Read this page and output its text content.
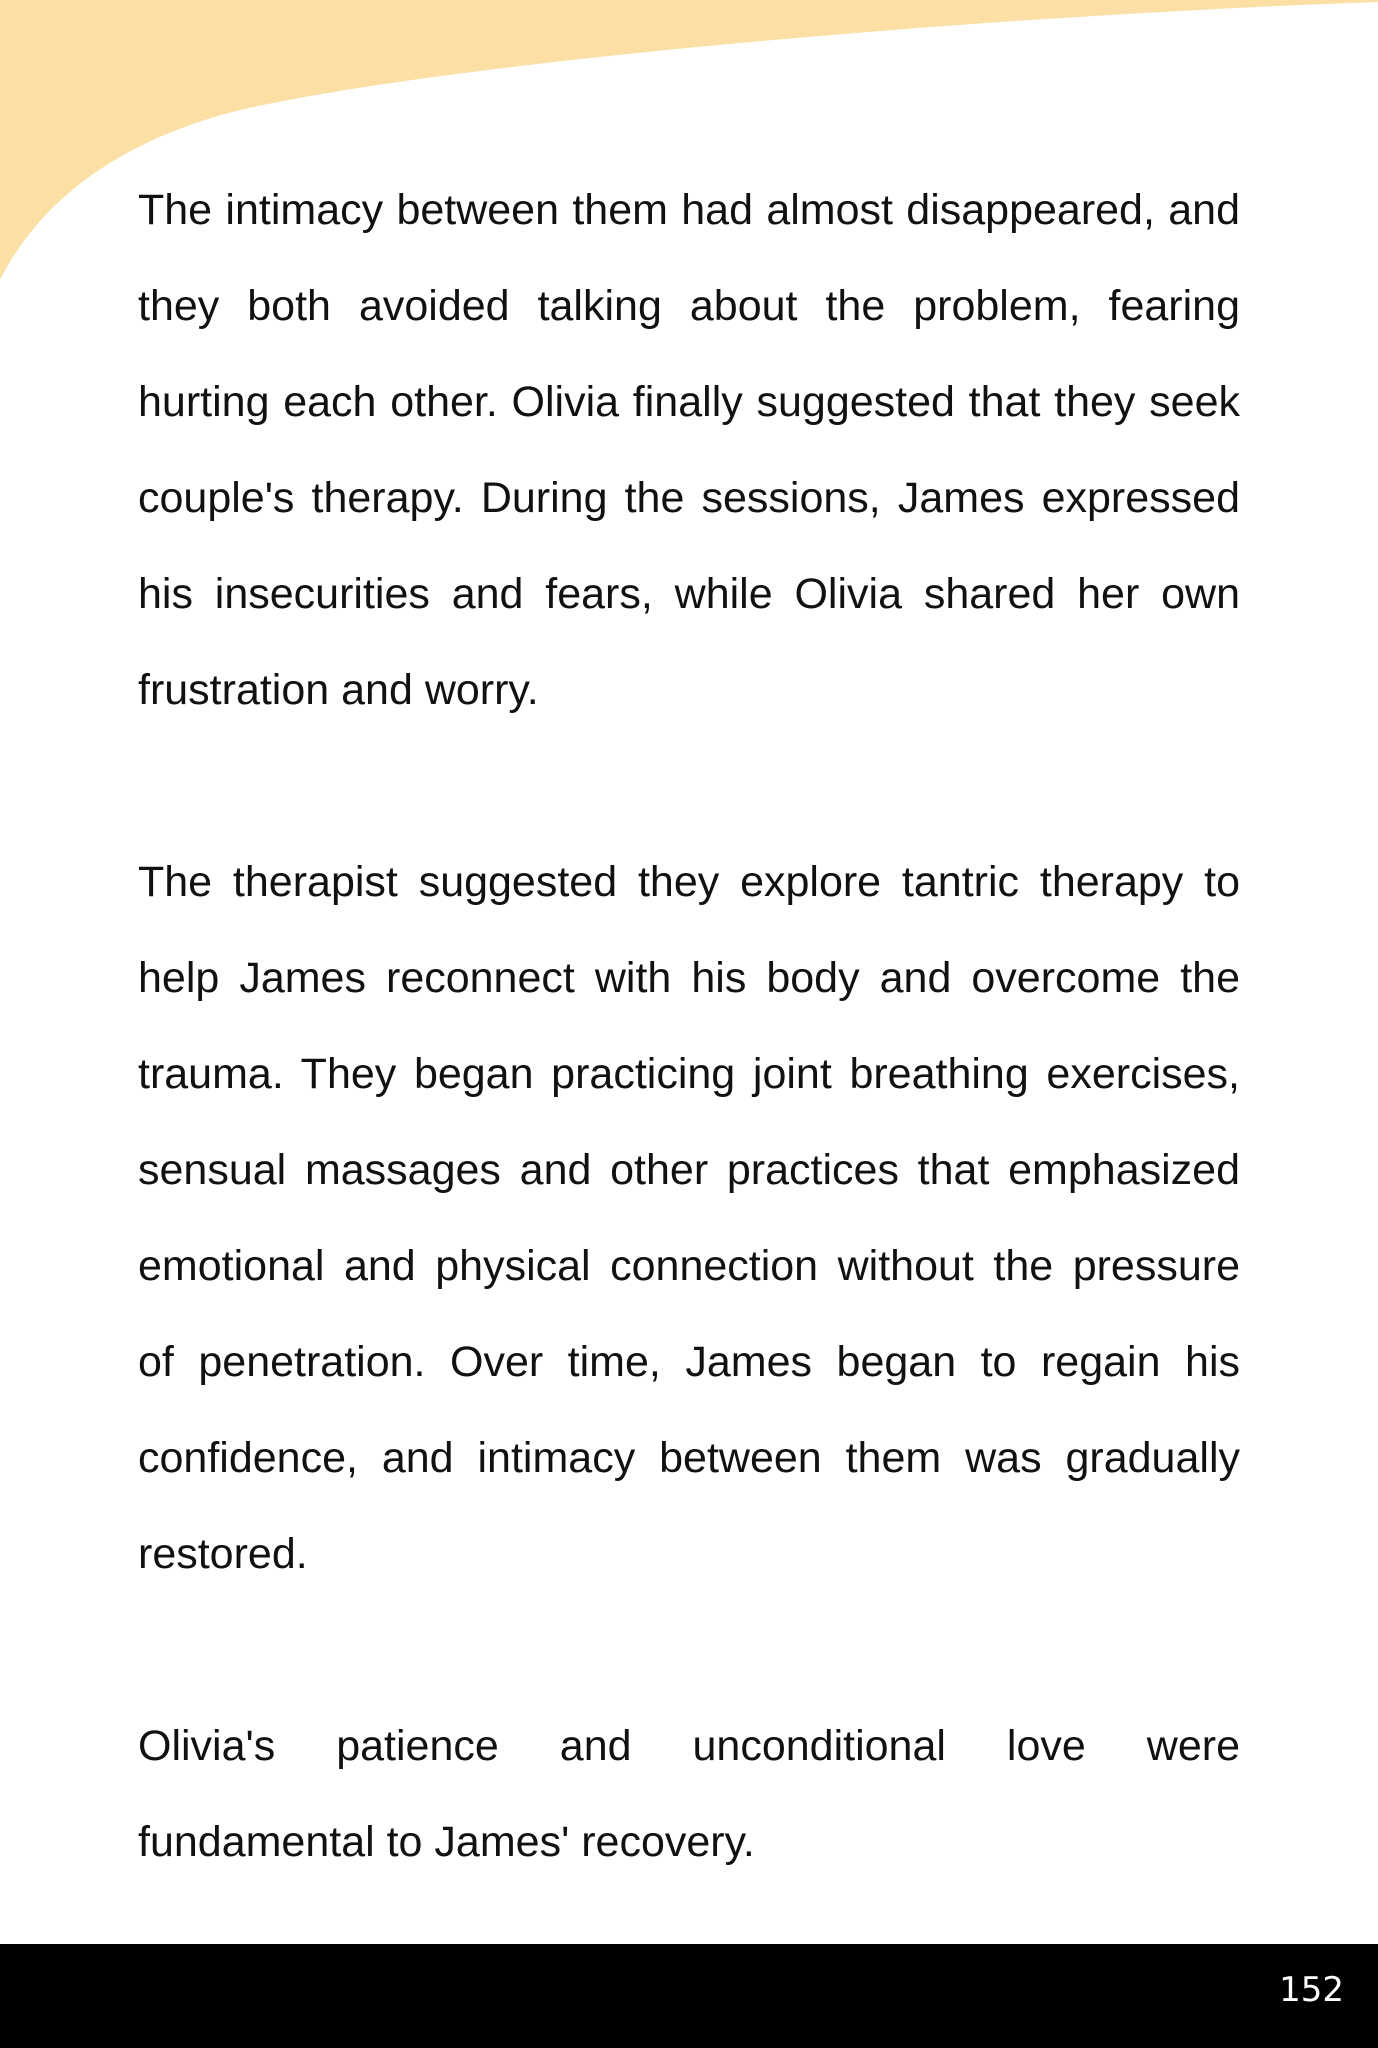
The intimacy between them had almost disappeared, and they both avoided talking about the problem, fearing hurting each other. Olivia finally suggested that they seek couple's therapy. During the sessions, James expressed his insecurities and fears, while Olivia shared her own frustration and worry.

The therapist suggested they explore tantric therapy to help James reconnect with his body and overcome the trauma. They began practicing joint breathing exercises, sensual massages and other practices that emphasized emotional and physical connection without the pressure of penetration. Over time, James began to regain his confidence, and intimacy between them was gradually restored.

Olivia's patience and unconditional love were fundamental to James' recovery.

152
